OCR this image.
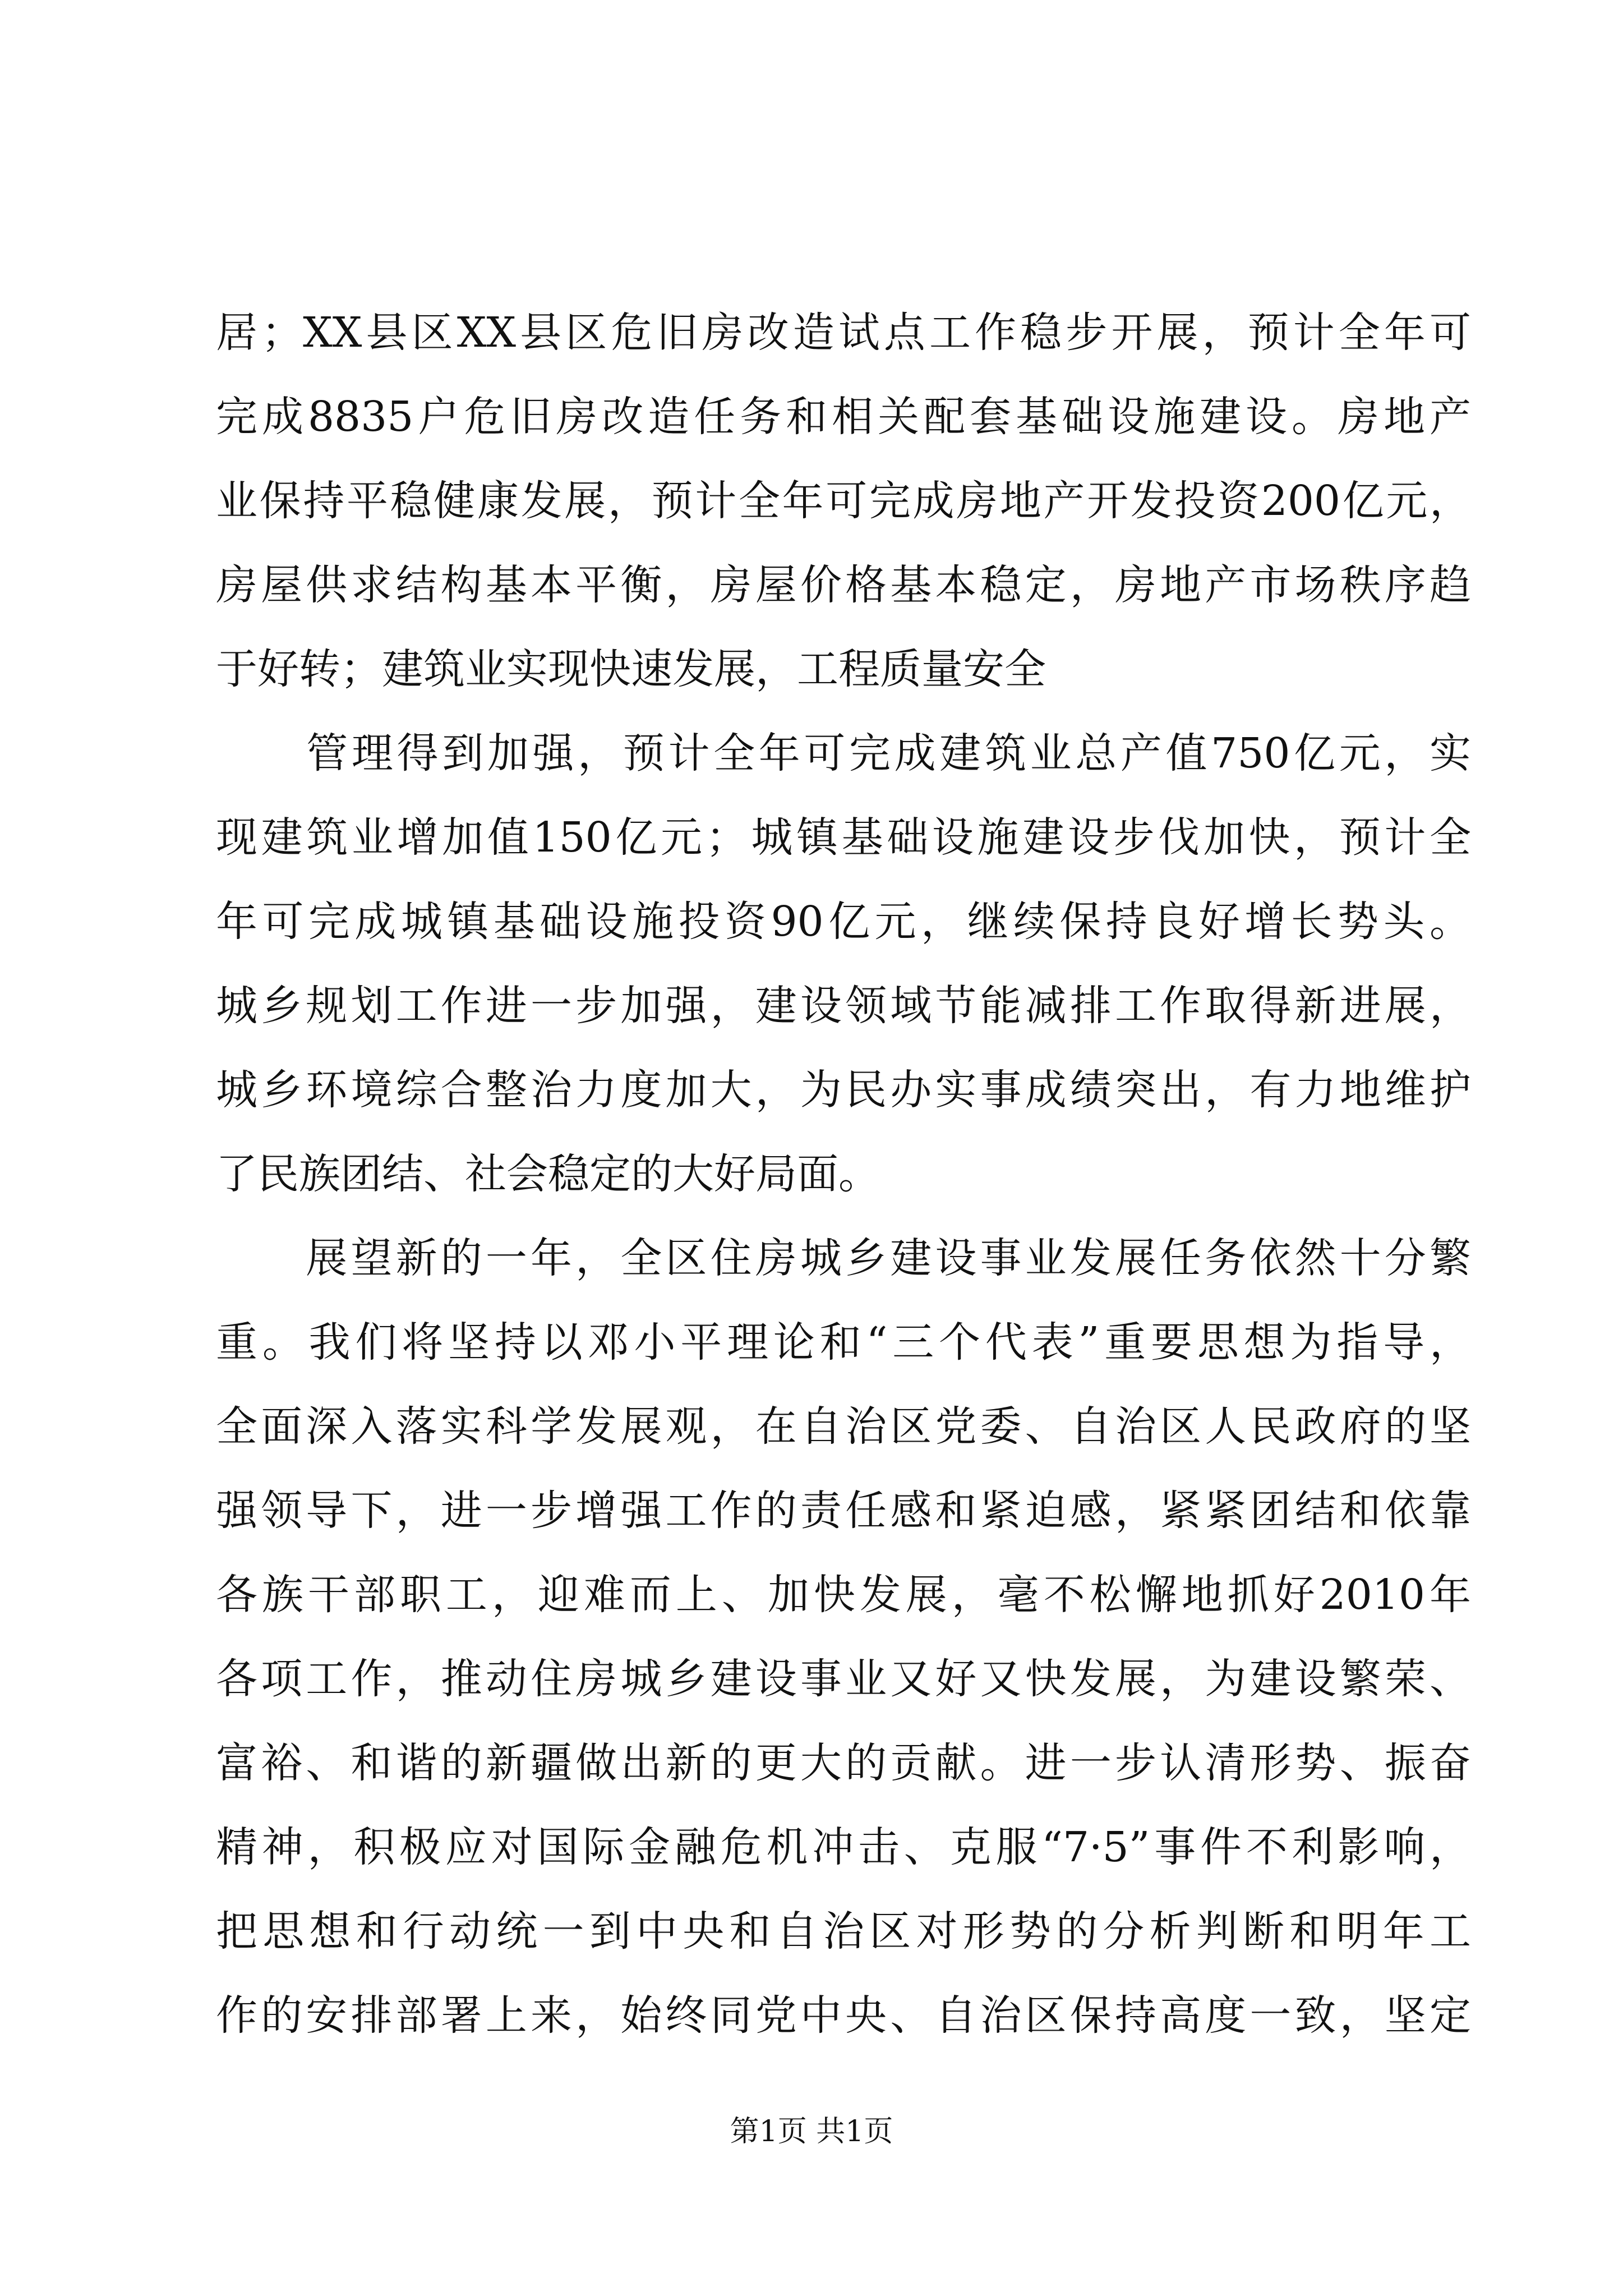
居；XX县区XX县区危旧房改造试点工作稳步开展，预计全年可
完成8835户危旧房改造任务和相关配套基础设施建设。房地产
业保持平稳健康发展，预计全年可完成房地产开发投资200亿元，
房屋供求结构基本平衡，房屋价格基本稳定，房地产市场秩序趋
于好转；建筑业实现快速发展，工程质量安全
　　管理得到加强，预计全年可完成建筑业总产值750亿元，实
现建筑业增加值150亿元；城镇基础设施建设步伐加快，预计全
年可完成城镇基础设施投资90亿元，继续保持良好增长势头。
城乡规划工作进一步加强，建设领域节能减排工作取得新进展，
城乡环境综合整治力度加大，为民办实事成绩突出，有力地维护
了民族团结、社会稳定的大好局面。
　　展望新的一年，全区住房城乡建设事业发展任务依然十分繁
重。我们将坚持以邓小平理论和“三个代表”重要思想为指导，
全面深入落实科学发展观，在自治区党委、自治区人民政府的坚
强领导下，进一步增强工作的责任感和紧迫感，紧紧团结和依靠
各族干部职工，迎难而上、加快发展，毫不松懈地抓好2010年
各项工作，推动住房城乡建设事业又好又快发展，为建设繁荣、
富裕、和谐的新疆做出新的更大的贡献。进一步认清形势、振奋
精神，积极应对国际金融危机冲击、克服“7·5”事件不利影响，
把思想和行动统一到中央和自治区对形势的分析判断和明年工
作的安排部署上来，始终同党中央、自治区保持高度一致，坚定
第1页 共1页
